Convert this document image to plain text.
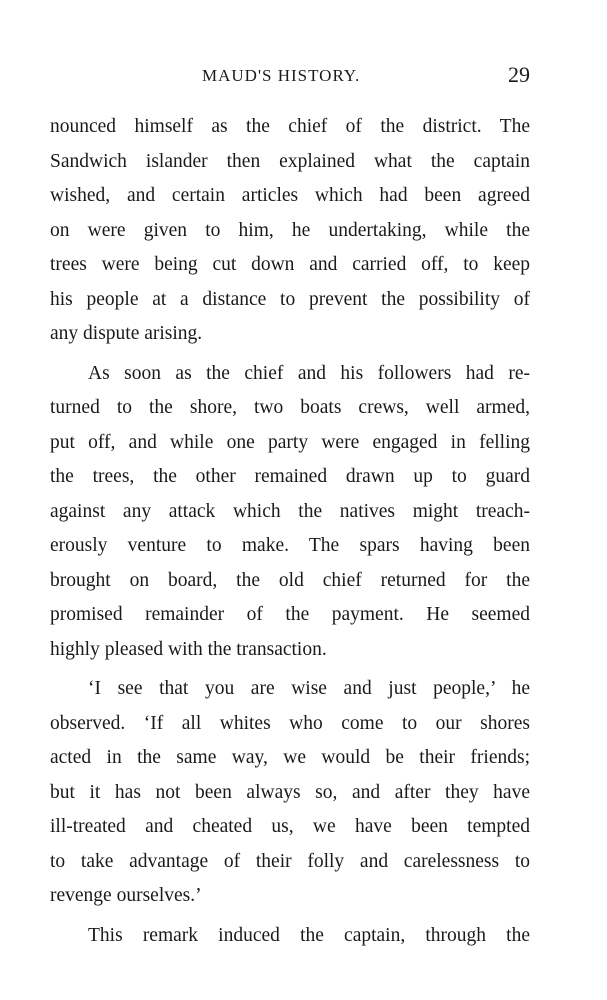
MAUD'S HISTORY.	29
nounced himself as the chief of the district. The
Sandwich islander then explained what the captain
wished, and certain articles which had been agreed
on were given to him, he undertaking, while the
trees were being cut down and carried off, to keep
his people at a distance to prevent the possibility of
any dispute arising.
As soon as the chief and his followers had re-
turned to the shore, two boats crews, well armed,
put off, and while one party were engaged in felling
the trees, the other remained drawn up to guard
against any attack which the natives might treach-
erously venture to make. The spars having been
brought on board, the old chief returned for the
promised remainder of the payment. He seemed
highly pleased with the transaction.
‘I see that you are wise and just people,’ he
observed. ‘If all whites who come to our shores
acted in the same way, we would be their friends;
but it has not been always so, and after they have
ill-treated and cheated us, we have been tempted
to take advantage of their folly and carelessness to
revenge ourselves.’
This remark induced the captain, through the
